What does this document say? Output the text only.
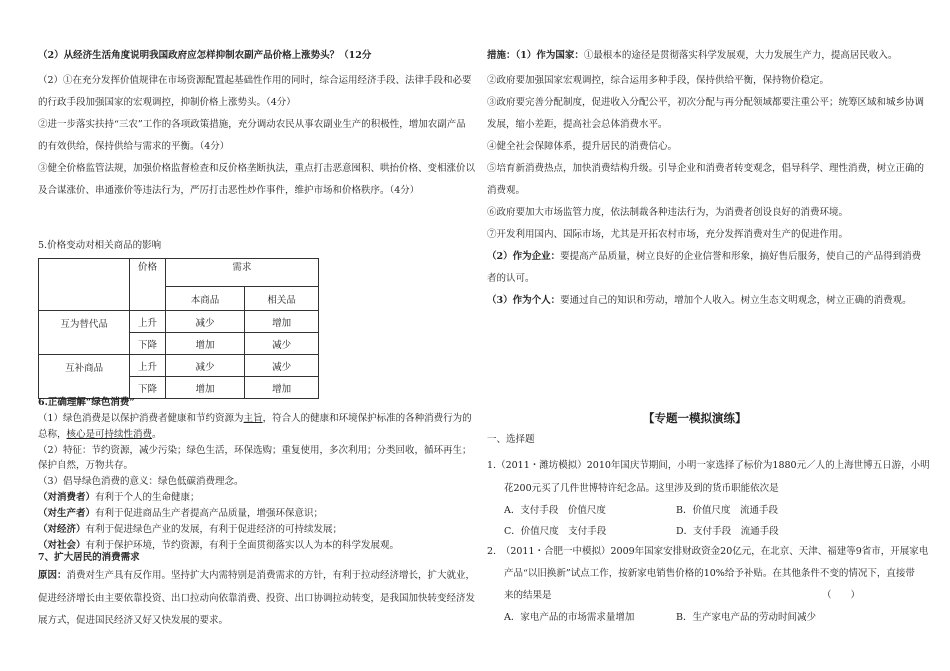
（2）从经济生活角度说明我国政府应怎样抑制农副产品价格上涨势头？（12分
（2）①在充分发挥价值规律在市场资源配置起基础性作用的同时，综合运用经济手段、法律手段和必要
的行政手段加强国家的宏观调控，抑制价格上涨势头。（4分）
②进一步落实扶持“三农”工作的各项政策措施，充分调动农民从事农副业生产的积极性，增加农副产品
的有效供给，保持供给与需求的平衡。（4分）
③健全价格监管法规，加强价格监督检查和反价格垄断执法，重点打击恶意囤积、哄抬价格、变相涨价以
及合谋涨价、串通涨价等违法行为，严厉打击恶性炒作事件，维护市场和价格秩序。（4分）
5.价格变动对相关商品的影响
	价格	需求	
		本商品	相关品
互为替代品	上升	减少	增加
	下降	增加	减少
互补商品	上升	减少	减少
	下降	增加	增加
6.正确理解“绿色消费”
（1）绿色消费是以保护消费者健康和节约资源为主旨，符合人的健康和环境保护标准的各种消费行为的
总称，核心是可持续性消费。
（2）特征：节约资源，减少污染；绿色生活，环保选购；重复使用，多次利用；分类回收，循环再生；
保护自然，万物共存。
（3）倡导绿色消费的意义：绿色低碳消费理念。
（对消费者）有利于个人的生命健康；
（对生产者）有利于促进商品生产者提高产品质量，增强环保意识；
（对经济）有利于促进绿色产业的发展，有利于促进经济的可持续发展；
（对社会）有利于保护环境，节约资源，有利于全面贯彻落实以人为本的科学发展观。
7、扩大居民的消费需求
原因：消费对生产具有反作用。坚持扩大内需特别是消费需求的方针，有利于拉动经济增长，扩大就业，
促进经济增长由主要依靠投资、出口拉动向依靠消费、投资、出口协调拉动转变，是我国加快转变经济发
展方式，促进国民经济又好又快发展的要求。
措施：（1）作为国家：①最根本的途径是贯彻落实科学发展观，大力发展生产力，提高居民收入。
②政府要加强国家宏观调控，综合运用多种手段，保持供给平衡，保持物价稳定。
③政府要完善分配制度，促进收入分配公平，初次分配与再分配领域都要注重公平；统筹区域和城乡协调
发展，缩小差距，提高社会总体消费水平。
④健全社会保障体系，提升居民的消费信心。
⑤培育新消费热点，加快消费结构升级。引导企业和消费者转变观念，倡导科学、理性消费，树立正确的
消费观。
⑥政府要加大市场监管力度，依法制裁各种违法行为，为消费者创设良好的消费环境。
⑦开发利用国内、国际市场，尤其是开拓农村市场，充分发挥消费对生产的促进作用。
（2）作为企业：要提高产品质量，树立良好的企业信誉和形象，搞好售后服务，使自己的产品得到消费
者的认可。
（3）作为个人：要通过自己的知识和劳动，增加个人收入。树立生态文明观念，树立正确的消费观。
【专题一模拟演练】
一、选择题
1.（2011・潍坊模拟）2010年国庆节期间，小明一家选择了标价为1880元／人的上海世博五日游，小明
花200元买了几件世博特许纪念品。这里涉及到的货币职能依次是
A．支付手段　价值尺度	B．价值尺度　流通手段
C．价值尺度　支付手段	D．支付手段　流通手段
2.　（2011・合肥一中模拟）2009年国家安排财政资金20亿元，在北京、天津、福建等9省市，开展家电
产品“以旧换新”试点工作，按新家电销售价格的10%给予补贴。在其他条件不变的情况下，直接带
来的结果是	（　　）
A．家电产品的市场需求量增加	B．生产家电产品的劳动时间减少
